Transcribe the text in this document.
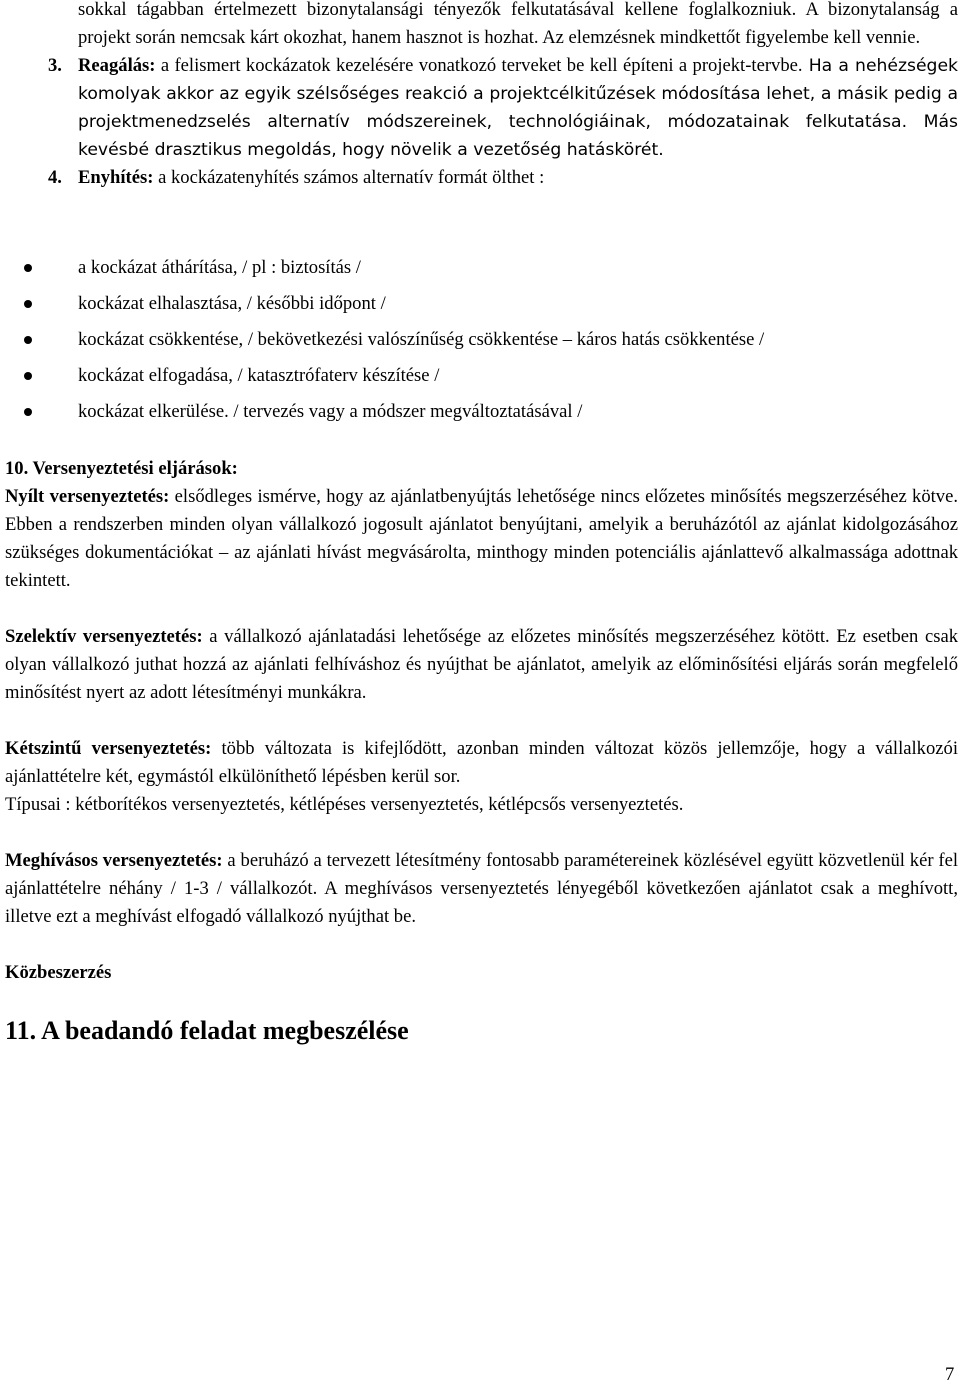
sokkal tágabban értelmezett bizonytalansági tényezők felkutatásával kellene foglalkozniuk. A bizonytalanság a projekt során nemcsak kárt okozhat, hanem hasznot is hozhat. Az elemzésnek mindkettőt figyelembe kell vennie.

3. Reagálás: a felismert kockázatok kezelésére vonatkozó terveket be kell építeni a projekt-tervbe. Ha a nehézségek komolyak akkor az egyik szélsőséges reakció a projektcélkitűzések módosítása lehet, a másik pedig a projektmenedzselés alternatív módszereinek, technológiáinak, módozatainak felkutatása. Más kevésbé drasztikus megoldás, hogy növelik a vezetőség hatáskörét.
4. Enyhítés: a kockázatenyhítés számos alternatív formát ölthet :
a kockázat áthárítása, / pl : biztosítás /
kockázat elhalasztása, / későbbi időpont /
kockázat csökkentése, / bekövetkezési valószínűség csökkentése – káros hatás csökkentése /
kockázat elfogadása, / katasztrófaterv készítése /
kockázat elkerülése. / tervezés vagy a módszer megváltoztatásával /

10. Versenyeztetési eljárások:

Nyílt versenyeztetés: elsődleges ismérve, hogy az ajánlatbenyújtás lehetősége nincs előzetes minősítés megszerzéséhez kötve. Ebben a rendszerben minden olyan vállalkozó jogosult ajánlatot benyújtani, amelyik a beruházótól az ajánlat kidolgozásához szükséges dokumentációkat – az ajánlati hívást megvásárolta, minthogy minden potenciális ajánlattevő alkalmassága adottnak tekintett.

Szelektív versenyeztetés: a vállalkozó ajánlatadási lehetősége az előzetes minősítés megszerzéséhez kötött. Ez esetben csak olyan vállalkozó juthat hozzá az ajánlati felhíváshoz és nyújthat be ajánlatot, amelyik az előminősítési eljárás során megfelelő minősítést nyert az adott létesítményi munkákra.

Kétszintű versenyeztetés: több változata is kifejlődött, azonban minden változat közös jellemzője, hogy a vállalkozói ajánlattételre két, egymástól elkülöníthető lépésben kerül sor.

Típusai : kétborítékos versenyeztetés, kétlépéses versenyeztetés, kétlépcsős versenyeztetés.

Meghívásos versenyeztetés: a beruházó a tervezett létesítmény fontosabb paramétereinek közlésével együtt közvetlenül kér fel ajánlattételre néhány / 1-3 / vállalkozót. A meghívásos versenyeztetés lényegéből következően ajánlatot csak a meghívott, illetve ezt a meghívást elfogadó vállalkozó nyújthat be.

Közbeszerzés

11. A beadandó feladat megbeszélése

7
